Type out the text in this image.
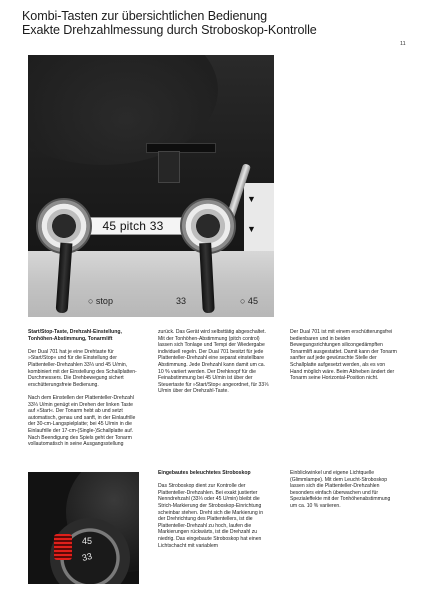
Kombi-Tasten zur übersichtlichen Bedienung
Exakte Drehzahlmessung durch Stroboskop-Kontrolle
11
▼
▼
45 pitch 33
○ stop	33	○ 45

Start/Stop-Taste, Drehzahl-Einstellung, Tonhöhen-Abstimmung, Tonarmlift

Der Dual 701 hat je eine Drehtaste für »Start/Stop« und für die Einstellung der Plattenteller-Drehzahlen 33⅓ und 45 U/min, kombiniert mit der Einstellung des Schallplatten-Durchmessers. Die Drehbewegung sichert erschütterungsfreie Bedienung.

Nach dem Einstellen der Plattenteller-Drehzahl 33⅓ U/min genügt ein Drehen der linken Taste auf »Start«. Der Tonarm hebt ab und setzt automatisch, genau und sanft, in der Einlaufrille der 30-cm-Langspielplatte; bei 45 U/min in die Einlaufrille der 17-cm-(Single-)Schallplatte auf. Nach Beendigung des Spiels geht der Tonarm vollautomatisch in seine Ausgangsstellung

zurück. Das Gerät wird selbsttätig abgeschaltet. Mit der Tonhöhen-Abstimmung (pitch control) lassen sich Tonlage und Tempi der Wiedergabe individuell regeln. Der Dual 701 besitzt für jede Plattenteller-Drehzahl eine separat einstellbare Abstimmung. Jede Drehzahl kann damit um ca. 10 % variiert werden. Der Drehknopf für die Feinabstimmung bei 45 U/min ist über der Steuertaste für »Start/Stop« angeordnet, für 33⅓ U/min über der Drehzahl-Taste.

Der Dual 701 ist mit einem erschütterungsfrei bedienbaren und in beiden Bewegungsrichtungen silicongedämpften Tonarmlift ausgestattet. Damit kann der Tonarm sanfter auf jede gewünschte Stelle der Schallplatte aufgesetzt werden, als es von Hand möglich wäre. Beim Abheben ändert der Tonarm seine Horizontal-Position nicht.

45
33

Eingebautes beleuchtetes Stroboskop

Das Stroboskop dient zur Kontrolle der Plattenteller-Drehzahlen. Bei exakt justierter Nenndrehzahl (33⅓ oder 45 U/min) bleibt die Strich-Markierung der Stroboskop-Einrichtung scheinbar stehen. Dreht sich die Markierung in der Drehrichtung des Plattentellers, ist die Plattenteller-Drehzahl zu hoch, laufen die Markierungen rückwärts, ist die Drehzahl zu niedrig. Das eingebaute Stroboskop hat einen Lichtschacht mit variablem

Einblickwinkel und eigene Lichtquelle (Glimmlampe). Mit dem Leucht-Stroboskop lassen sich die Plattenteller-Drehzahlen besonders einfach überwachen und für Spezialeffekte mit der Tonhöhenabstimmung um ca. 10 % variieren.
